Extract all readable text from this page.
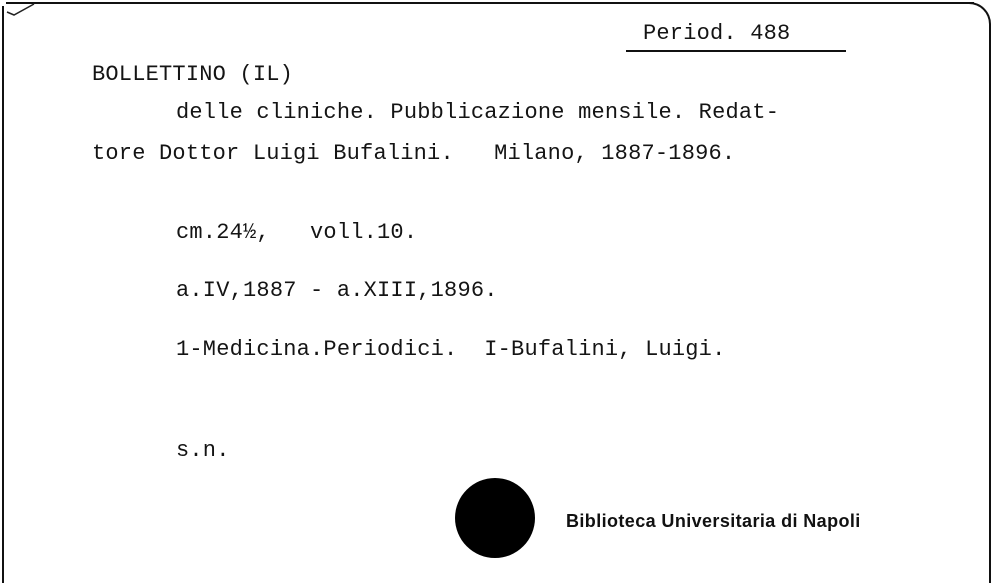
Period. 488
BOLLETTINO (IL)
delle cliniche. Pubblicazione mensile. Redat-
tore Dottor Luigi Bufalini.   Milano, 1887-1896.
cm.24½,   voll.10.
a.IV,1887 - a.XIII,1896.
1-Medicina.Periodici.  I-Bufalini, Luigi.
s.n.
Biblioteca Universitaria di Napoli
